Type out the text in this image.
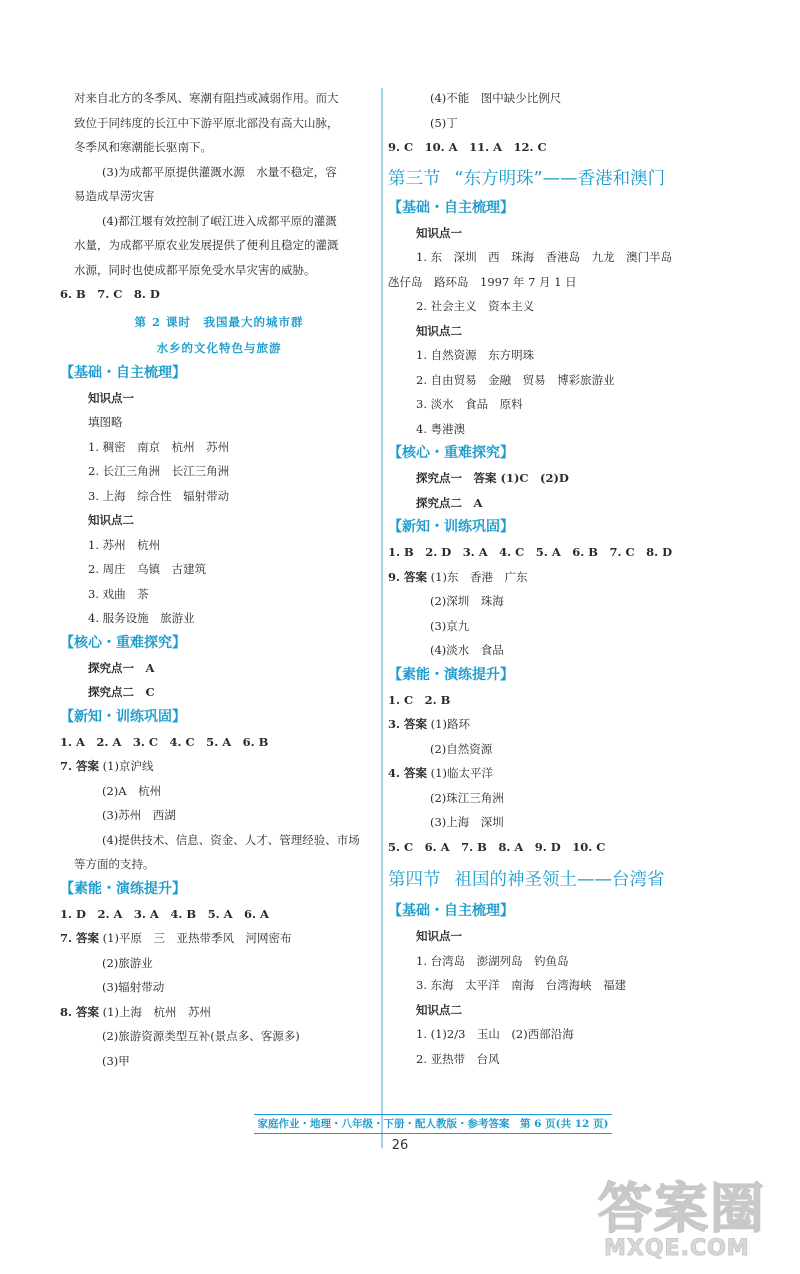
对来自北方的冬季风、寒潮有阻挡或减弱作用。而大
致位于同纬度的长江中下游平原北部没有高大山脉，
冬季风和寒潮能长驱南下。
(3)为成都平原提供灌溉水源　水量不稳定，容
易造成旱涝灾害
(4)都江堰有效控制了岷江进入成都平原的灌溉
水量，为成都平原农业发展提供了便利且稳定的灌溉
水源，同时也使成都平原免受水旱灾害的威胁。
6. B　7. C　8. D
第 2 课时　我国最大的城市群
水乡的文化特色与旅游
【基础・自主梳理】
知识点一
填图略
1. 稠密　南京　杭州　苏州
2. 长江三角洲　长江三角洲
3. 上海　综合性　辐射带动
知识点二
1. 苏州　杭州
2. 周庄　乌镇　古建筑
3. 戏曲　茶
4. 服务设施　旅游业
【核心・重难探究】
探究点一　A
探究点二　C
【新知・训练巩固】
1. A　2. A　3. C　4. C　5. A　6. B
7. 答案 (1)京沪线
(2)A　杭州
(3)苏州　西湖
(4)提供技术、信息、资金、人才、管理经验、市场
等方面的支持。
【素能・演练提升】
1. D　2. A　3. A　4. B　5. A　6. A
7. 答案 (1)平原　三　亚热带季风　河网密布
(2)旅游业
(3)辐射带动
8. 答案 (1)上海　杭州　苏州
(2)旅游资源类型互补(景点多、客源多)
(3)甲
(4)不能　图中缺少比例尺
(5)丁
9. C　10. A　11. A　12. C
第三节 “东方明珠”——香港和澳门
【基础・自主梳理】
知识点一
1. 东　深圳　西　珠海　香港岛　九龙　澳门半岛
氹仔岛　路环岛　1997 年 7 月 1 日
2. 社会主义　资本主义
知识点二
1. 自然资源　东方明珠
2. 自由贸易　金融　贸易　博彩旅游业
3. 淡水　食品　原料
4. 粤港澳
【核心・重难探究】
探究点一　答案 (1)C　(2)D
探究点二　A
【新知・训练巩固】
1. B　2. D　3. A　4. C　5. A　6. B　7. C　8. D
9. 答案 (1)东　香港　广东
(2)深圳　珠海
(3)京九
(4)淡水　食品
【素能・演练提升】
1. C　2. B
3. 答案 (1)路环
(2)自然资源
4. 答案 (1)临太平洋
(2)珠江三角洲
(3)上海　深圳
5. C　6. A　7. B　8. A　9. D　10. C
第四节 祖国的神圣领土——台湾省
【基础・自主梳理】
知识点一
1. 台湾岛　澎湖列岛　钓鱼岛
3. 东海　太平洋　南海　台湾海峡　福建
知识点二
1. (1)2/3　玉山　(2)西部沿海
2. 亚热带　台风
家庭作业・地理・八年级・下册・配人教版・参考答案　第 6 页(共 12 页)
26
答案圈
MXQE.COM
